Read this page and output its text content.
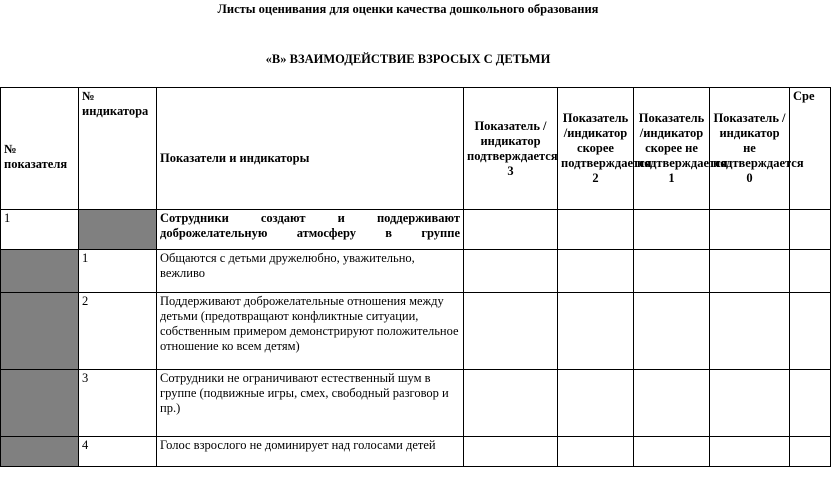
Листы оценивания для оценки качества дошкольного образования
«В» ВЗАИМОДЕЙСТВИЕ ВЗРОСЫХ С ДЕТЬМИ
№ показателя	№ индикатора	Показатели и индикаторы	Показатель /индикатор подтверждается 3	Показатель /индикатор скорее подтверждается 2	Показатель /индикатор скорее не подтверждается 1	Показатель /индикатор не подтверждается 0	Сре
1		Сотрудники создают и поддерживают доброжелательную атмосферу в группе					
	1	Общаются с детьми дружелюбно, уважительно, вежливо					
	2	Поддерживают доброжелательные отношения между детьми (предотвращают конфликтные ситуации, собственным примером демонстрируют положительное отношение ко всем детям)					
	3	Сотрудники не ограничивают естественный шум в группе (подвижные игры, смех, свободный разговор и пр.)					
	4	Голос взрослого не доминирует над голосами детей					
